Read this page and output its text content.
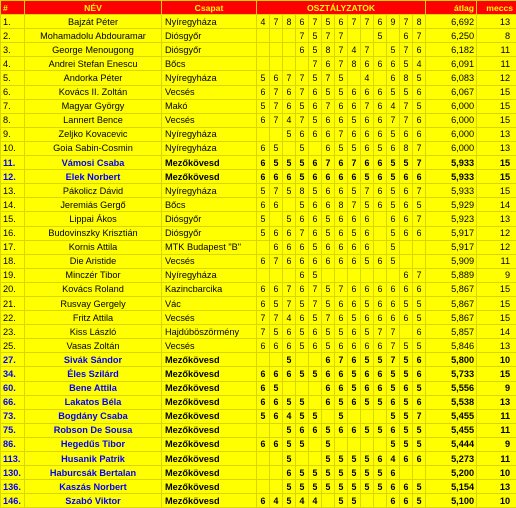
#	NÉV	Csapat	OSZTÁLYZATOK													átlag	meccs
1.	Bajzát Péter	Nyíregyháza	4	7	8	6	7	5	6	7	7	6	9	7	8	6,692	13
2.	Mohamadolu Abdouramar	Diósgyőr				7	5	7	7			5		6	7	6,250	8
3.	George Menougong	Diósgyőr				6	5	8	7	4	7		5	7	6	6,182	11
4.	Andrei Stefan Enescu	Bőcs					7	6	7	8	6	6	6	5	4	6,091	11
5.	Andorka Péter	Nyíregyháza	5	6	7	7	5	7	5		4		6	8	5	6,083	12
6.	Kovács II. Zoltán	Vecsés	6	7	6	7	6	5	5	6	6	6	5	5	6	6,067	15
7.	Magyar György	Makó	5	7	6	5	6	7	6	6	7	6	4	7	5	6,000	15
8.	Lannert Bence	Vecsés	6	7	4	7	5	6	6	5	6	6	7	7	6	6,000	15
9.	Zeljko Kovacevic	Nyíregyháza			5	6	6	6	7	6	6	6	5	6	6	6,000	13
10.	Goia Sabin-Cosmin	Nyíregyháza	6	5		5		6	5	5	6	5	6	8	7	6,000	13
11.	Vámosi Csaba	Mezőkövesd	6	5	5	5	6	7	6	7	6	6	5	5	7	5,933	15
12.	Elek Norbert	Mezőkövesd	6	6	6	5	6	6	6	6	5	6	5	6	6	5,933	15
13.	Pákolicz Dávid	Nyíregyháza	5	7	5	8	5	6	6	5	7	6	5	6	7	5,933	15
14.	Jeremiás Gergő	Bőcs	6	6		5	6	6	8	7	5	6	5	6	5	5,929	14
15.	Lippai Ákos	Diósgyőr	5		5	6	6	5	6	6	6		6	6	7	5,923	13
16.	Budovinszky Krisztián	Diósgyőr	5	6	6	7	6	5	6	5	6		5	6	6	5,917	12
17.	Kornis Attila	MTK Budapest "B"		6	6	6	5	6	6	6	6		5			5,917	12
18.	Die Aristide	Vecsés	6	7	6	6	6	6	6	6	5	6	5			5,909	11
19.	Minczér Tibor	Nyíregyháza				6	5							6	7	5,889	9
20.	Kovács Roland	Kazincbarcika	6	6	7	6	7	5	7	6	6	6	6	6	6	5,867	15
21.	Rusvay Gergely	Vác	6	5	7	5	7	5	6	6	5	6	6	5	5	5,867	15
22.	Fritz Attila	Vecsés	7	7	4	6	5	7	6	5	6	6	6	6	5	5,867	15
23.	Kiss László	Hajdúböszörmény	7	5	6	5	6	5	5	6	5	7	7		6	5,857	14
25.	Vasas Zoltán	Vecsés	6	6	6	5	6	5	6	6	6	6	7	5	5	5,846	13
27.	Sivák Sándor	Mezőkövesd			5			6	7	6	5	5	7	5	6	5,800	10
34.	Éles Szilárd	Mezőkövesd	6	6	6	5	5	6	6	5	6	6	5	5	6	5,733	15
60.	Bene Attila	Mezőkövesd	6	5				6	6	5	6	6	5	6	5	5,556	9
66.	Lakatos Béla	Mezőkövesd	6	6	5	5		6	5	6	5	5	6	5	6	5,538	13
73.	Bogdány Csaba	Mezőkövesd	5	6	4	5	5		5				5	5	7	5,455	11
75.	Robson De Sousa	Mezőkövesd			5	6	6	5	6	6	5	5	6	5	5	5,455	11
86.	Hegedűs Tibor	Mezőkövesd	6	6	5	5		5					5	5	5	5,444	9
113.	Husanik Patrik	Mezőkövesd			5			5	5	5	5	6	4	6	6	5,273	11
130.	Haburcsák Bertalan	Mezőkövesd			6	5	5	5	5	5	5	5	6			5,200	10
136.	Kaszás Norbert	Mezőkövesd			5	5	5	5	5	5	5	5	6	6	5	5,154	13
146.	Szabó Viktor	Mezőkövesd	6	4	5	4	4		5	5			6	6	5	5,100	10
